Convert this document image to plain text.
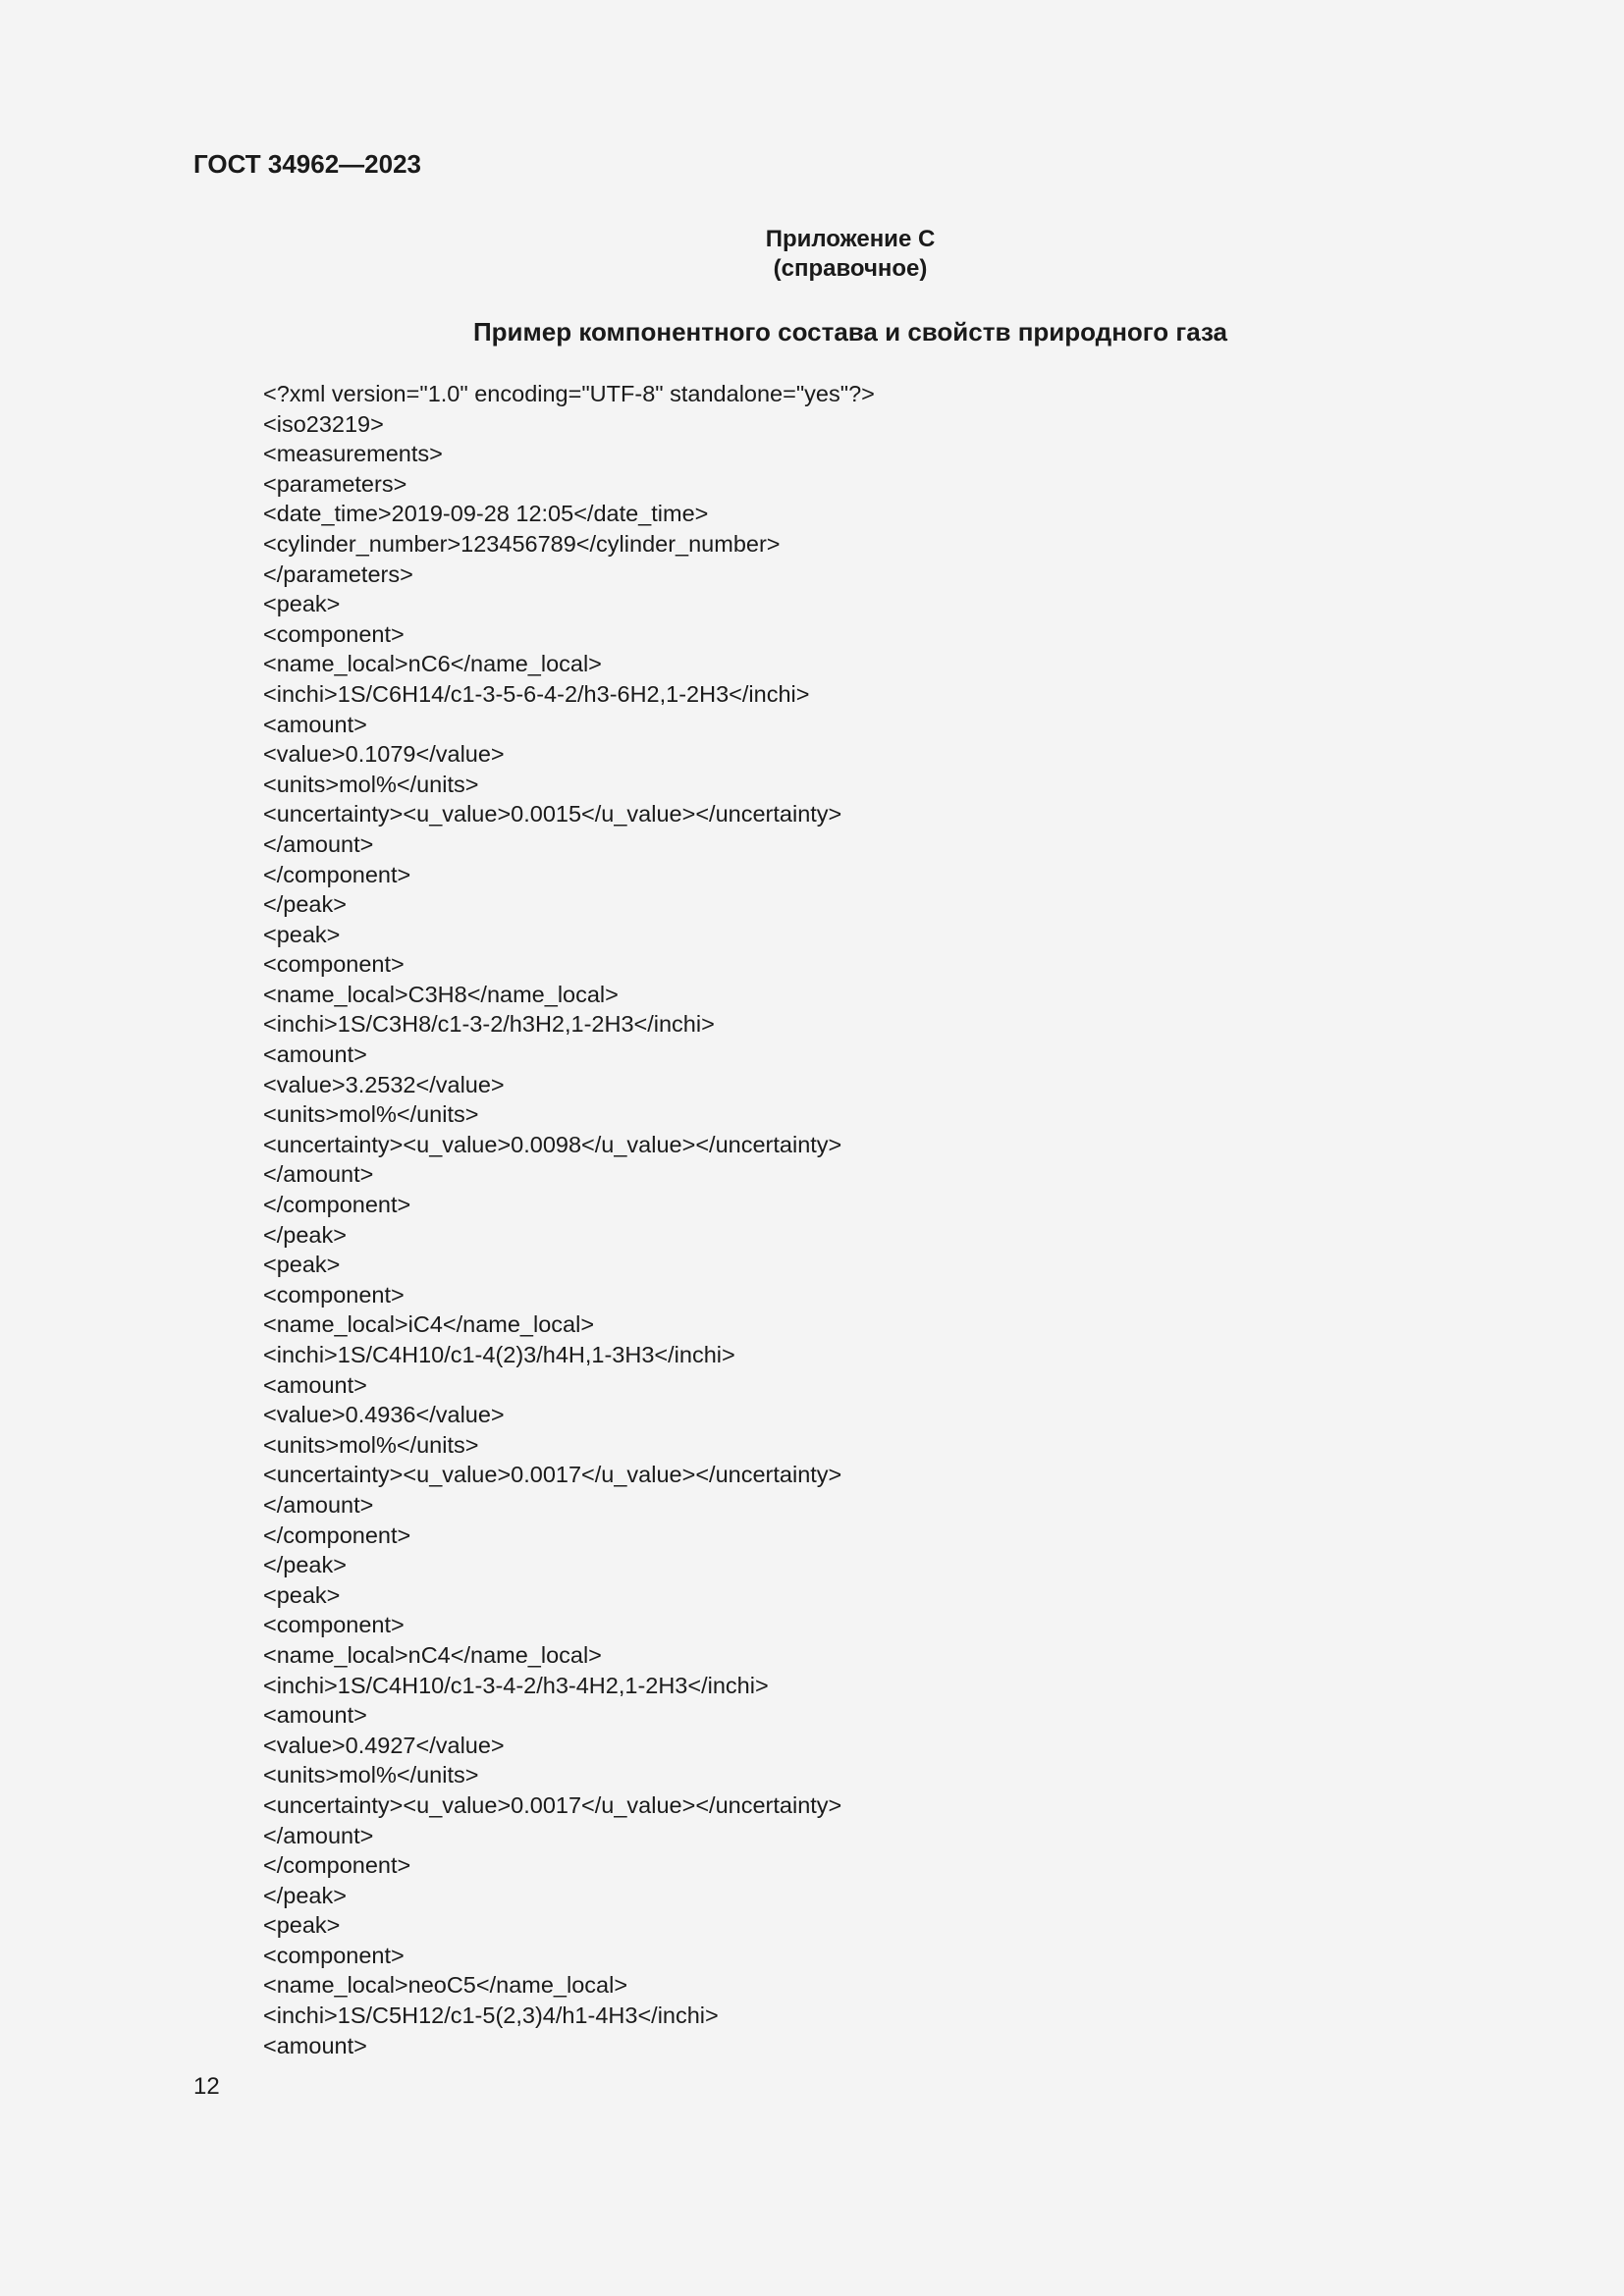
ГОСТ 34962—2023
Приложение C
(справочное)
Пример компонентного состава и свойств природного газа
<?xml version="1.0" encoding="UTF-8" standalone="yes"?>
<iso23219>
<measurements>
<parameters>
<date_time>2019-09-28 12:05</date_time>
<cylinder_number>123456789</cylinder_number>
</parameters>
<peak>
<component>
<name_local>nC6</name_local>
<inchi>1S/C6H14/c1-3-5-6-4-2/h3-6H2,1-2H3</inchi>
<amount>
<value>0.1079</value>
<units>mol%</units>
<uncertainty><u_value>0.0015</u_value></uncertainty>
</amount>
</component>
</peak>
<peak>
<component>
<name_local>C3H8</name_local>
<inchi>1S/C3H8/c1-3-2/h3H2,1-2H3</inchi>
<amount>
<value>3.2532</value>
<units>mol%</units>
<uncertainty><u_value>0.0098</u_value></uncertainty>
</amount>
</component>
</peak>
<peak>
<component>
<name_local>iC4</name_local>
<inchi>1S/C4H10/c1-4(2)3/h4H,1-3H3</inchi>
<amount>
<value>0.4936</value>
<units>mol%</units>
<uncertainty><u_value>0.0017</u_value></uncertainty>
</amount>
</component>
</peak>
<peak>
<component>
<name_local>nC4</name_local>
<inchi>1S/C4H10/c1-3-4-2/h3-4H2,1-2H3</inchi>
<amount>
<value>0.4927</value>
<units>mol%</units>
<uncertainty><u_value>0.0017</u_value></uncertainty>
</amount>
</component>
</peak>
<peak>
<component>
<name_local>neoC5</name_local>
<inchi>1S/C5H12/c1-5(2,3)4/h1-4H3</inchi>
<amount>
12
